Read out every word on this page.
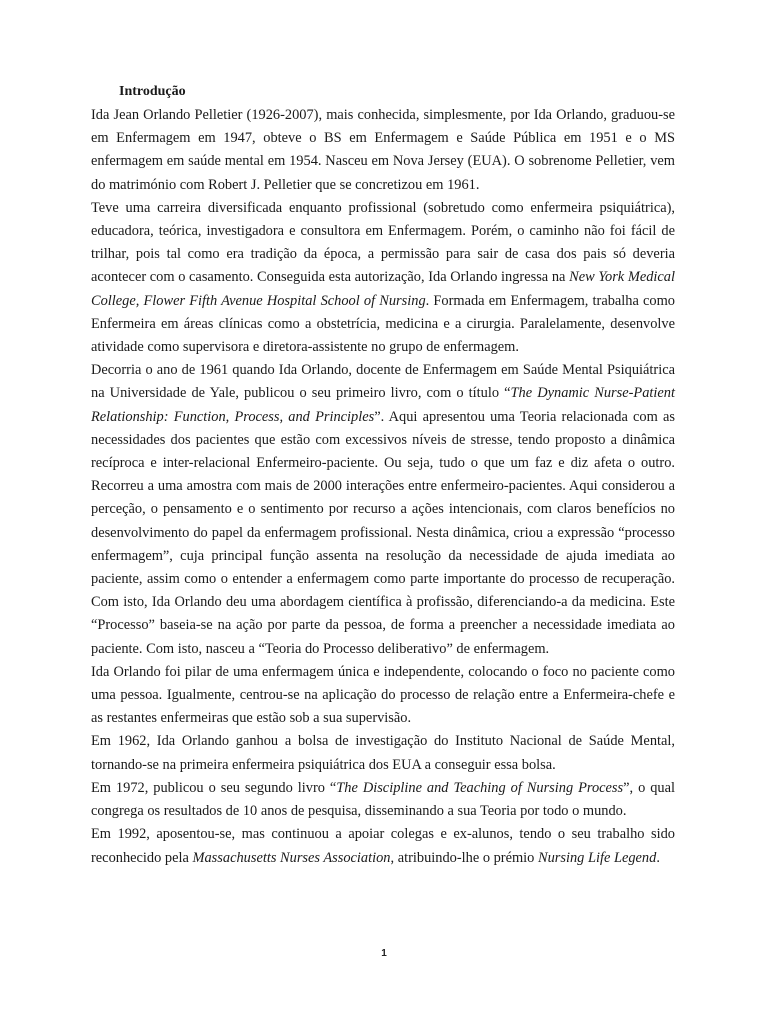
Introdução

Ida Jean Orlando Pelletier (1926-2007), mais conhecida, simplesmente, por Ida Orlando, graduou-se em Enfermagem em 1947, obteve o BS em Enfermagem e Saúde Pública em 1951 e o MS enfermagem em saúde mental em 1954. Nasceu em Nova Jersey (EUA). O sobrenome Pelletier, vem do matrimónio com Robert J. Pelletier que se concretizou em 1961.

Teve uma carreira diversificada enquanto profissional (sobretudo como enfermeira psiquiátrica), educadora, teórica, investigadora e consultora em Enfermagem. Porém, o caminho não foi fácil de trilhar, pois tal como era tradição da época, a permissão para sair de casa dos pais só deveria acontecer com o casamento. Conseguida esta autorização, Ida Orlando ingressa na New York Medical College, Flower Fifth Avenue Hospital School of Nursing. Formada em Enfermagem, trabalha como Enfermeira em áreas clínicas como a obstetrícia, medicina e a cirurgia. Paralelamente, desenvolve atividade como supervisora e diretora-assistente no grupo de enfermagem.

Decorria o ano de 1961 quando Ida Orlando, docente de Enfermagem em Saúde Mental Psiquiátrica na Universidade de Yale, publicou o seu primeiro livro, com o título “The Dynamic Nurse-Patient Relationship: Function, Process, and Principles”. Aqui apresentou uma Teoria relacionada com as necessidades dos pacientes que estão com excessivos níveis de stresse, tendo proposto a dinâmica recíproca e inter-relacional Enfermeiro-paciente. Ou seja, tudo o que um faz e diz afeta o outro. Recorreu a uma amostra com mais de 2000 interações entre enfermeiro-pacientes. Aqui considerou a perceção, o pensamento e o sentimento por recurso a ações intencionais, com claros benefícios no desenvolvimento do papel da enfermagem profissional. Nesta dinâmica, criou a expressão “processo enfermagem”, cuja principal função assenta na resolução da necessidade de ajuda imediata ao paciente, assim como o entender a enfermagem como parte importante do processo de recuperação. Com isto, Ida Orlando deu uma abordagem científica à profissão, diferenciando-a da medicina. Este “Processo” baseia-se na ação por parte da pessoa, de forma a preencher a necessidade imediata ao paciente. Com isto, nasceu a “Teoria do Processo deliberativo” de enfermagem.

Ida Orlando foi pilar de uma enfermagem única e independente, colocando o foco no paciente como uma pessoa. Igualmente, centrou-se na aplicação do processo de relação entre a Enfermeira-chefe e as restantes enfermeiras que estão sob a sua supervisão.

Em 1962, Ida Orlando ganhou a bolsa de investigação do Instituto Nacional de Saúde Mental, tornando-se na primeira enfermeira psiquiátrica dos EUA a conseguir essa bolsa.

Em 1972, publicou o seu segundo livro “The Discipline and Teaching of Nursing Process”, o qual congrega os resultados de 10 anos de pesquisa, disseminando a sua Teoria por todo o mundo.

Em 1992, aposentou-se, mas continuou a apoiar colegas e ex-alunos, tendo o seu trabalho sido reconhecido pela Massachusetts Nurses Association, atribuindo-lhe o prémio Nursing Life Legend.

1
